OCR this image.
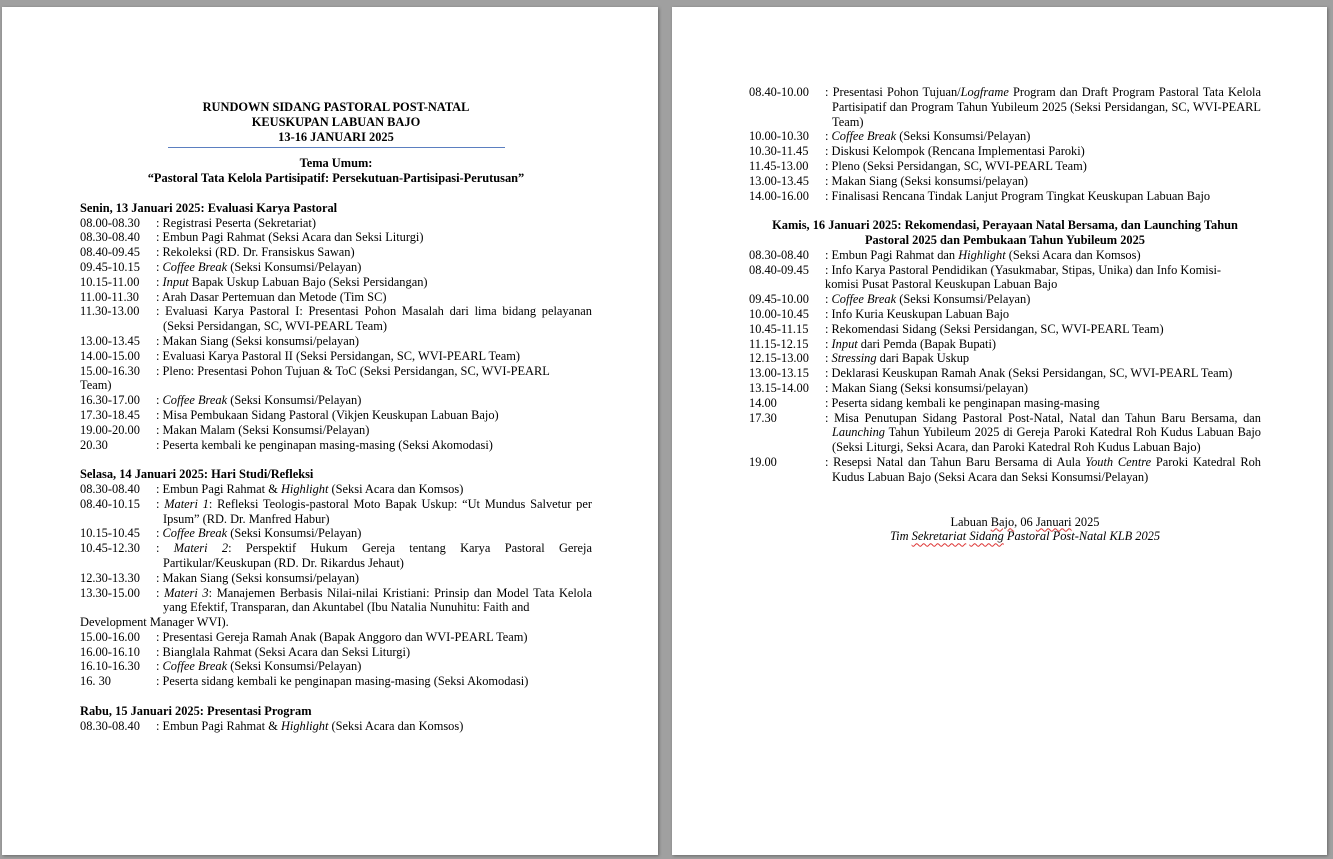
RUNDOWN SIDANG PASTORAL POST-NATAL
KEUSKUPAN LABUAN BAJO
13-16 JANUARI 2025
Tema Umum:
“Pastoral Tata Kelola Partisipatif: Persekutuan-Partisipasi-Perutusan”
Senin, 13 Januari 2025: Evaluasi Karya Pastoral
08.00-08.30	: Registrasi Peserta (Sekretariat)
08.30-08.40	: Embun Pagi Rahmat (Seksi Acara dan Seksi Liturgi)
08.40-09.45	: Rekoleksi (RD. Dr. Fransiskus Sawan)
09.45-10.15	: Coffee Break (Seksi Konsumsi/Pelayan)
10.15-11.00	: Input Bapak Uskup Labuan Bajo (Seksi Persidangan)
11.00-11.30	: Arah Dasar Pertemuan dan Metode (Tim SC)
11.30-13.00	: Evaluasi Karya Pastoral I: Presentasi Pohon Masalah dari lima bidang pelayanan (Seksi Persidangan, SC, WVI-PEARL Team)
13.00-13.45	: Makan Siang (Seksi konsumsi/pelayan)
14.00-15.00	: Evaluasi Karya Pastoral II (Seksi Persidangan, SC, WVI-PEARL Team)
15.00-16.30	: Pleno: Presentasi Pohon Tujuan & ToC (Seksi Persidangan, SC, WVI-PEARL
Team)
16.30-17.00	: Coffee Break (Seksi Konsumsi/Pelayan)
17.30-18.45	: Misa Pembukaan Sidang Pastoral (Vikjen Keuskupan Labuan Bajo)
19.00-20.00	: Makan Malam (Seksi Konsumsi/Pelayan)
20.30	: Peserta kembali ke penginapan masing-masing (Seksi Akomodasi)
Selasa, 14 Januari 2025: Hari Studi/Refleksi
08.30-08.40	: Embun Pagi Rahmat & Highlight (Seksi Acara dan Komsos)
08.40-10.15	: Materi 1: Refleksi Teologis-pastoral Moto Bapak Uskup: “Ut Mundus Salvetur per Ipsum” (RD. Dr. Manfred Habur)
10.15-10.45	: Coffee Break (Seksi Konsumsi/Pelayan)
10.45-12.30	: Materi 2: Perspektif Hukum Gereja tentang Karya Pastoral Gereja Partikular/Keuskupan (RD. Dr. Rikardus Jehaut)
12.30-13.30	: Makan Siang (Seksi konsumsi/pelayan)
13.30-15.00	: Materi 3: Manajemen Berbasis Nilai-nilai Kristiani: Prinsip dan Model Tata Kelola yang Efektif, Transparan, dan Akuntabel (Ibu Natalia Nunuhitu: Faith and
Development Manager WVI).
15.00-16.00	: Presentasi Gereja Ramah Anak (Bapak Anggoro dan WVI-PEARL Team)
16.00-16.10	: Bianglala Rahmat (Seksi Acara dan Seksi Liturgi)
16.10-16.30	: Coffee Break (Seksi Konsumsi/Pelayan)
16. 30	: Peserta sidang kembali ke penginapan masing-masing (Seksi Akomodasi)
Rabu, 15 Januari 2025: Presentasi Program
08.30-08.40	: Embun Pagi Rahmat & Highlight (Seksi Acara dan Komsos)
08.40-10.00	: Presentasi Pohon Tujuan/Logframe Program dan Draft Program Pastoral Tata Kelola Partisipatif dan Program Tahun Yubileum 2025 (Seksi Persidangan, SC, WVI-PEARL Team)
10.00-10.30	: Coffee Break (Seksi Konsumsi/Pelayan)
10.30-11.45	: Diskusi Kelompok (Rencana Implementasi Paroki)
11.45-13.00	: Pleno (Seksi Persidangan, SC, WVI-PEARL Team)
13.00-13.45	: Makan Siang (Seksi konsumsi/pelayan)
14.00-16.00	: Finalisasi Rencana Tindak Lanjut Program Tingkat Keuskupan Labuan Bajo
Kamis, 16 Januari 2025: Rekomendasi, Perayaan Natal Bersama, dan Launching Tahun Pastoral 2025 dan Pembukaan Tahun Yubileum 2025
08.30-08.40	: Embun Pagi Rahmat dan Highlight (Seksi Acara dan Komsos)
08.40-09.45	: Info Karya Pastoral Pendidikan (Yasukmabar, Stipas, Unika) dan Info Komisi-
komisi Pusat Pastoral Keuskupan Labuan Bajo
09.45-10.00	: Coffee Break (Seksi Konsumsi/Pelayan)
10.00-10.45	: Info Kuria Keuskupan Labuan Bajo
10.45-11.15	: Rekomendasi Sidang (Seksi Persidangan, SC, WVI-PEARL Team)
11.15-12.15	: Input dari Pemda (Bapak Bupati)
12.15-13.00	: Stressing dari Bapak Uskup
13.00-13.15	: Deklarasi Keuskupan Ramah Anak (Seksi Persidangan, SC, WVI-PEARL Team)
13.15-14.00	: Makan Siang (Seksi konsumsi/pelayan)
14.00	: Peserta sidang kembali ke penginapan masing-masing
17.30	: Misa Penutupan Sidang Pastoral Post-Natal, Natal dan Tahun Baru Bersama, dan Launching Tahun Yubileum 2025 di Gereja Paroki Katedral Roh Kudus Labuan Bajo (Seksi Liturgi, Seksi Acara, dan Paroki Katedral Roh Kudus Labuan Bajo)
19.00	: Resepsi Natal dan Tahun Baru Bersama di Aula Youth Centre Paroki Katedral Roh Kudus Labuan Bajo (Seksi Acara dan Seksi Konsumsi/Pelayan)
Labuan Bajo, 06 Januari 2025
Tim Sekretariat Sidang Pastoral Post-Natal KLB 2025
